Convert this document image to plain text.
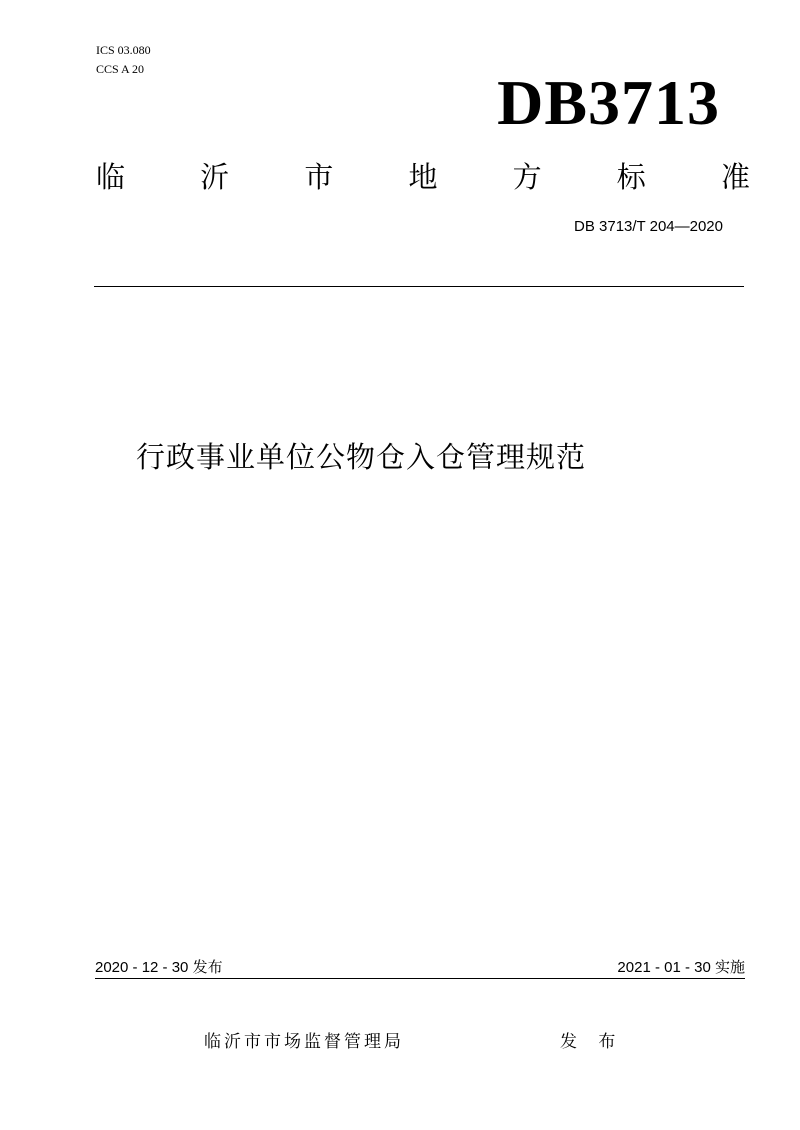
ICS 03.080
CCS A 20	DB3713
临	沂	市	地	方	标	准
DB 3713/T 204—2020
行政事业单位公物仓入仓管理规范
2020 - 12 - 30 发布	2021 - 01 - 30 实施
临沂市市场监督管理局	发 布
